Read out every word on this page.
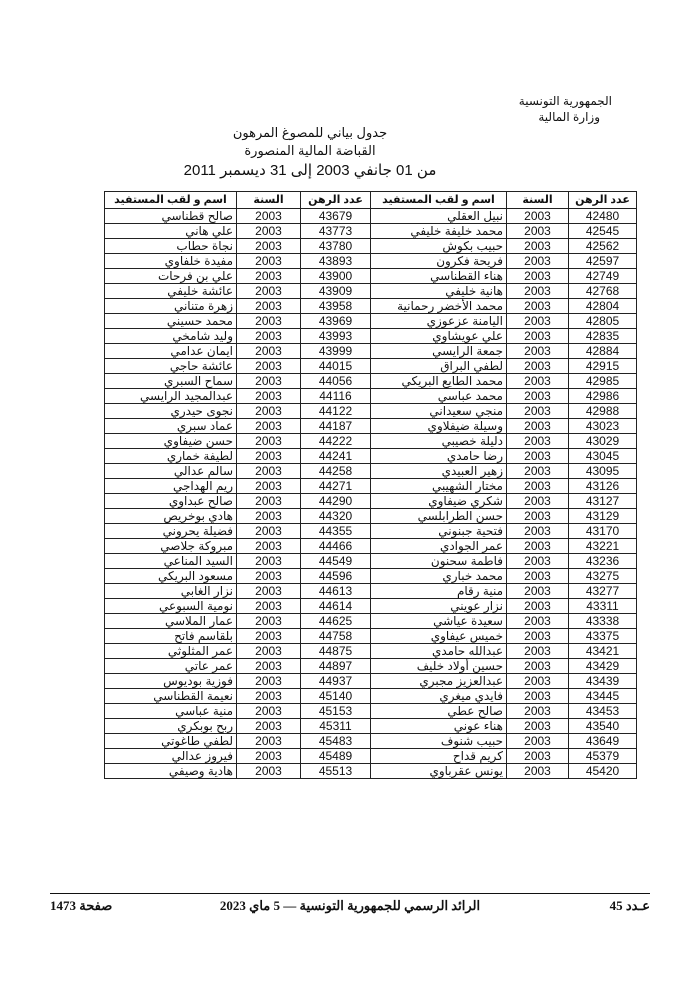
الجمهورية التونسية
وزارة المالية
جدول بياني للمصوغ المرهون
القباضة المالية المنصورة
من 01 جانفي 2003 إلى 31 ديسمبر 2011
عدد الرهن	السنة	اسم و لقب المستفيد	عدد الرهن	السنة	اسم و لقب المستفيد
42480	2003	نبيل العقلي	43679	2003	صالح قطناسي
42545	2003	محمد خليفة خليفي	43773	2003	علي هاني
42562	2003	حبيب بكوش	43780	2003	نجاة حطاب
42597	2003	فريحة فكرون	43893	2003	مفيدة خلفاوي
42749	2003	هناء القطناسي	43900	2003	علي بن فرحات
42768	2003	هانية خليفي	43909	2003	عائشة خليفي
42804	2003	محمد الأخضر رحمانية	43958	2003	زهرة متناني
42805	2003	اليامنة عزعوزي	43969	2003	محمد حسيني
42835	2003	علي عويشاوي	43993	2003	وليد شامخي
42884	2003	جمعة الرايسي	43999	2003	ايمان عدامي
42915	2003	لطفي البراق	44015	2003	عائشة حاجي
42985	2003	محمد الطايع البريكي	44056	2003	سماح السبري
42986	2003	محمد عباسي	44116	2003	عبدالمجيد الرايسي
42988	2003	منجي سعيداني	44122	2003	نجوى حيدري
43023	2003	وسيلة ضيفلاوي	44187	2003	عماد سبري
43029	2003	دليلة خصيبي	44222	2003	حسن ضيفاوي
43045	2003	رضا حامدي	44241	2003	لطيفة خماري
43095	2003	زهير العبيدي	44258	2003	سالم عدالي
43126	2003	مختار الشهيبي	44271	2003	ريم الهداجي
43127	2003	شكري ضيفاوي	44290	2003	صالح عبداوي
43129	2003	حسن الطرابلسي	44320	2003	هادي بوخريص
43170	2003	فتحية جبنوني	44355	2003	فضيلة يحروني
43221	2003	عمر الجوادي	44466	2003	مبروكة جلاصي
43236	2003	فاطمة سحنون	44549	2003	السيد المناعي
43275	2003	محمد خباري	44596	2003	مسعود البريكي
43277	2003	منية رقام	44613	2003	نزار الغابي
43311	2003	نزار عويني	44614	2003	نومية السبوعي
43338	2003	سعيدة عياشي	44625	2003	عمار الملاسي
43375	2003	خميس عيفاوي	44758	2003	بلقاسم فاتح
43421	2003	عبدالله حامدي	44875	2003	عمر المثلوثي
43429	2003	حسين أولاد خليف	44897	2003	عمر عاتي
43439	2003	عبدالعزيز مجبري	44937	2003	فوزية بوديوس
43445	2003	فايدي ميغري	45140	2003	نعيمة القطناسي
43453	2003	صالح عطي	45153	2003	منية عباسي
43540	2003	هناء عوني	45311	2003	ربح بوبكري
43649	2003	حبيب شنوف	45483	2003	لطفي طاغوتي
45379	2003	كريم قداح	45489	2003	فيروز عدالي
45420	2003	يونس عقرباوي	45513	2003	هادية وصيفي
عـدد 45
الرائد الرسمي للجمهورية التونسية — 5 ماي 2023
صفحة 1473
